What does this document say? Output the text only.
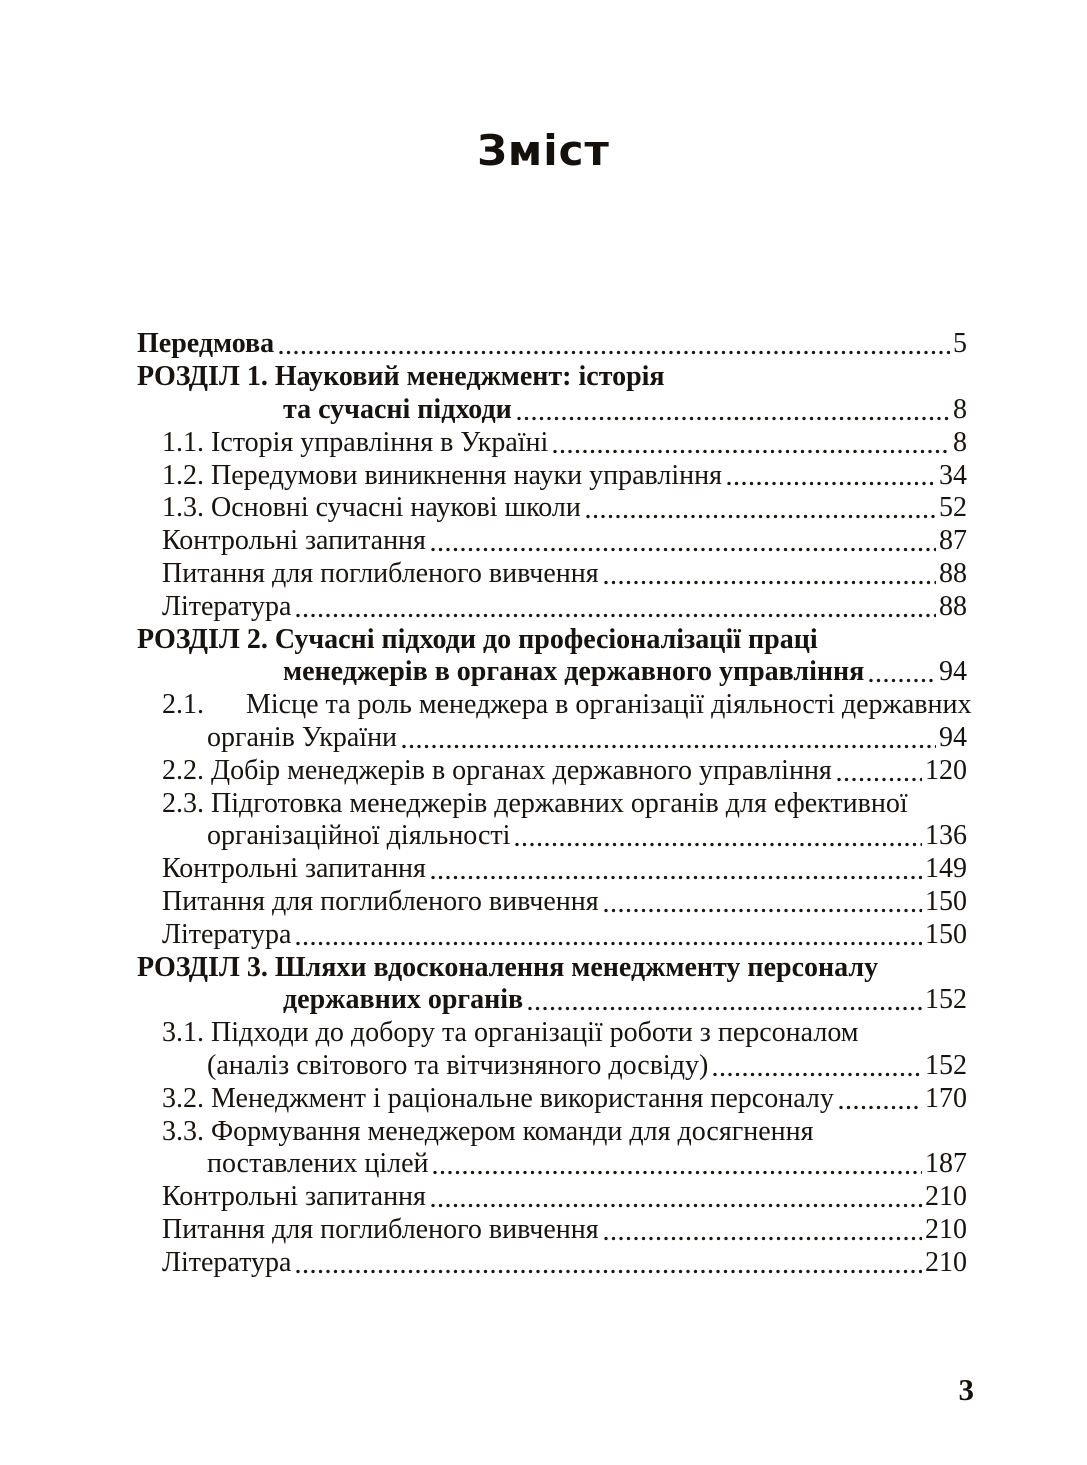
Зміст
Передмова	5
РОЗДІЛ 1. Науковий менеджмент: історія
та сучасні підходи	8
1.1. Історія управління в Україні	8
1.2. Передумови виникнення науки управління	34
1.3. Основні сучасні наукові школи	52
Контрольні запитання	87
Питання для поглибленого вивчення	88
Література	88
РОЗДІЛ 2. Сучасні підходи до професіоналізації праці
менеджерів в органах державного управління	94
2.1.  Місце та роль менеджера в організації діяльності державних
органів України	94
2.2. Добір менеджерів в органах державного управління	120
2.3. Підготовка менеджерів державних органів для ефективної
організаційної діяльності	136
Контрольні запитання	149
Питання для поглибленого вивчення	150
Література	150
РОЗДІЛ 3. Шляхи вдосконалення менеджменту персоналу
державних органів	152
3.1. Підходи до добору та організації роботи з персоналом
(аналіз світового та вітчизняного досвіду)	152
3.2. Менеджмент і раціональне використання персоналу	170
3.3. Формування менеджером команди для досягнення
поставлених цілей	187
Контрольні запитання	210
Питання для поглибленого вивчення	210
Література	210
3
